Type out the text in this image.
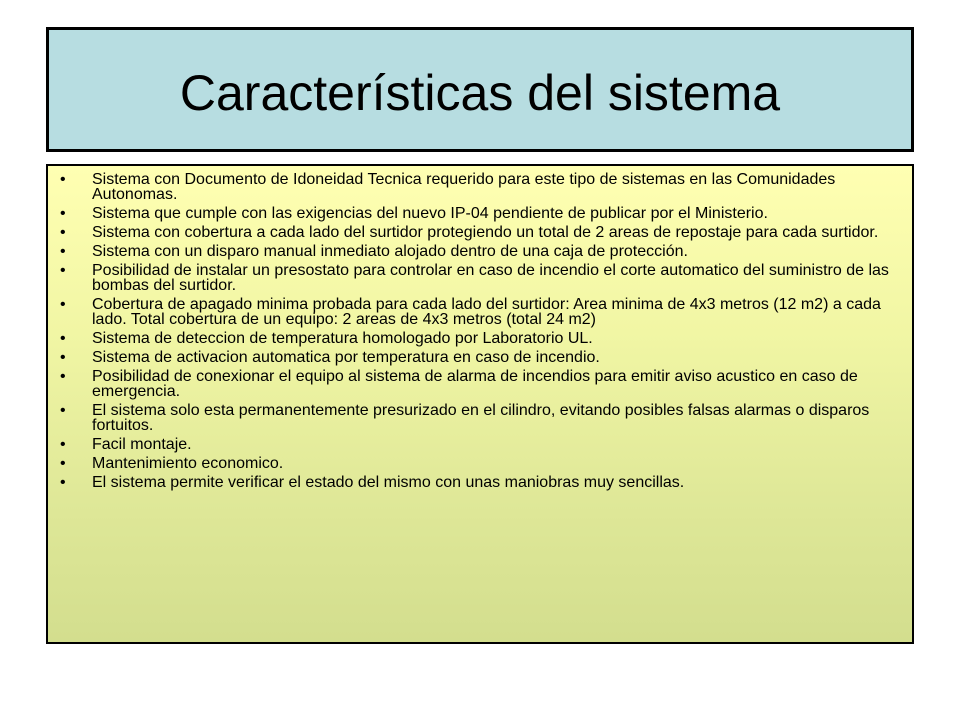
Características del sistema
•	Sistema con Documento de Idoneidad Tecnica requerido para este tipo de sistemas en las Comunidades Autonomas.
•	Sistema que cumple con las exigencias del nuevo IP-04 pendiente de publicar por el Ministerio.
•	Sistema con cobertura a cada lado del surtidor protegiendo un total de 2 areas de repostaje para cada surtidor.
•	Sistema con un disparo manual inmediato alojado dentro de una caja de protección.
•	Posibilidad de instalar un presostato para controlar en caso de incendio el corte automatico del suministro de las bombas del surtidor.
•	Cobertura de apagado minima probada para cada lado del surtidor: Area minima de 4x3 metros (12 m2) a cada lado. Total cobertura de un equipo: 2 areas de 4x3 metros (total 24 m2)
•	Sistema de deteccion de temperatura homologado por Laboratorio UL.
•	Sistema de activacion automatica por temperatura en caso de incendio.
•	Posibilidad de conexionar el equipo al sistema de alarma de incendios para emitir aviso acustico en caso de emergencia.
•	El sistema solo esta permanentemente presurizado en el cilindro, evitando posibles falsas alarmas o disparos fortuitos.
•	Facil montaje.
•	Mantenimiento economico.
•	El sistema permite verificar el estado del mismo con unas maniobras muy sencillas.
